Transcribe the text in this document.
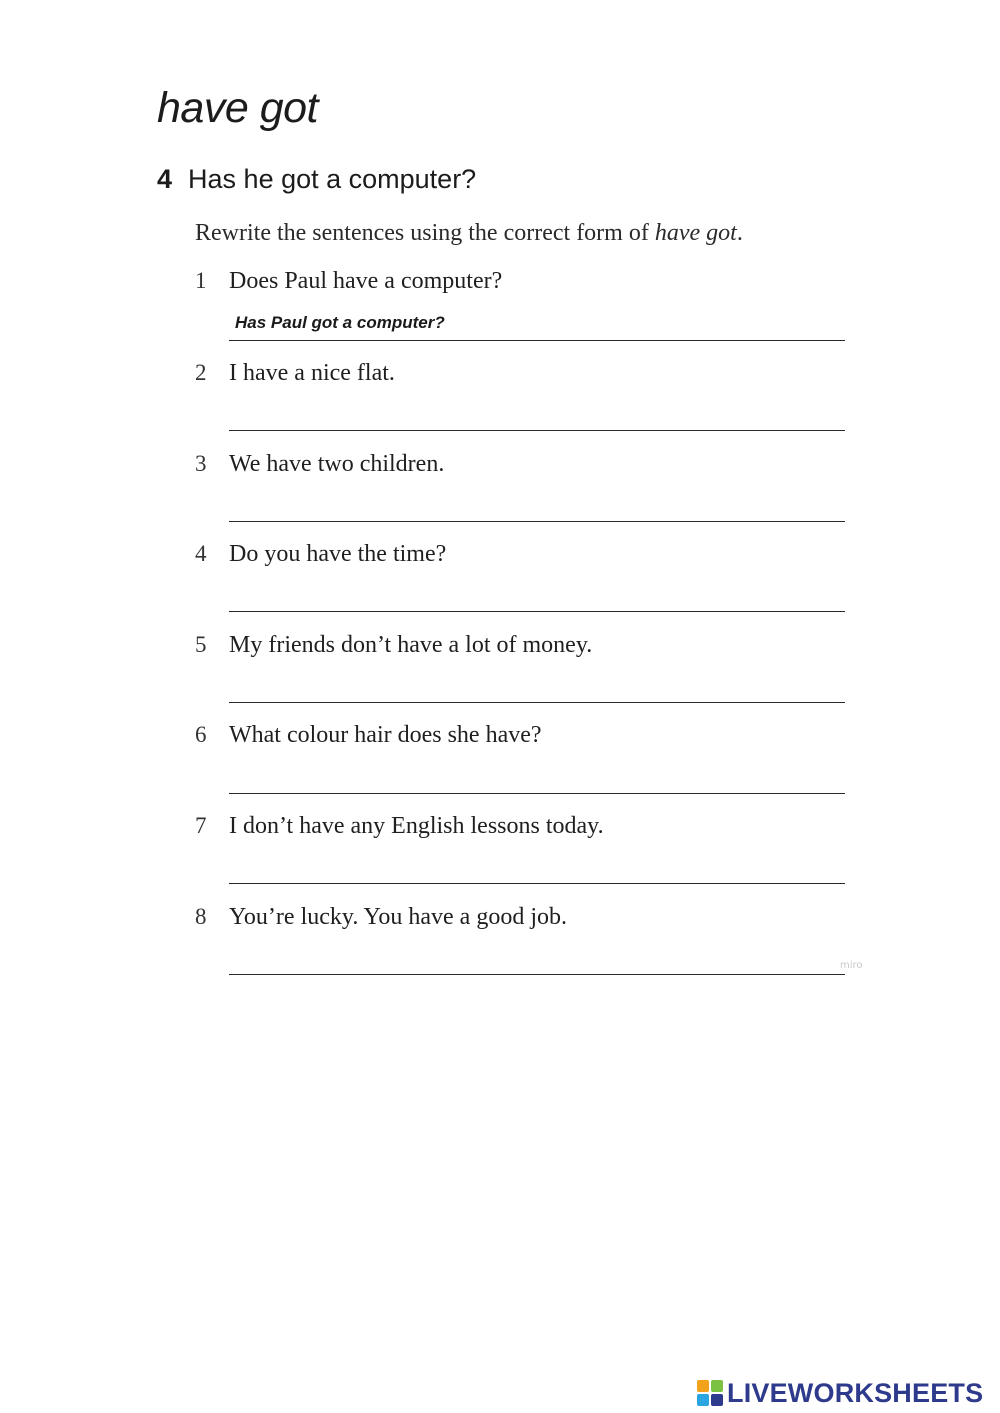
have got
4 Has he got a computer?
Rewrite the sentences using the correct form of have got.
1 Does Paul have a computer?
Has Paul got a computer?
2 I have a nice flat.
3 We have two children.
4 Do you have the time?
5 My friends don’t have a lot of money.
6 What colour hair does she have?
7 I don’t have any English lessons today.
8 You’re lucky. You have a good job.
miro
LIVEWORKSHEETS
